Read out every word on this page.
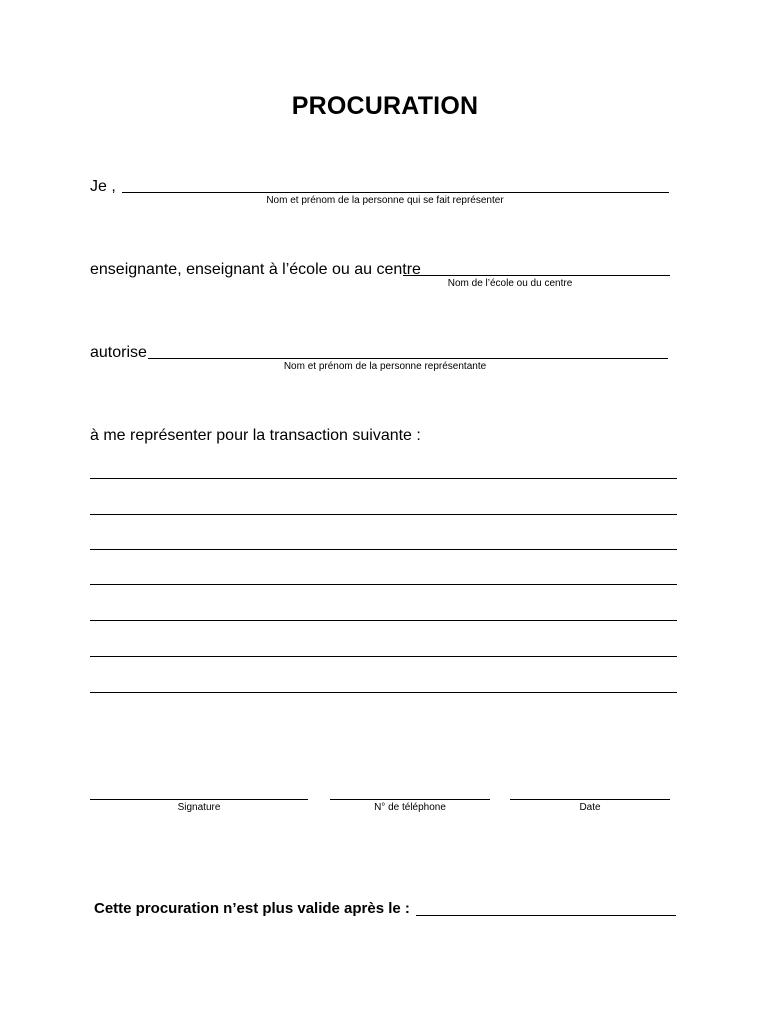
PROCURATION
Je ,
Nom et prénom de la personne qui se fait représenter
enseignante, enseignant à l’école ou au centre
Nom de l’école ou du centre
autorise
Nom et prénom de la personne représentante
à me représenter pour la transaction suivante :
Signature	N° de téléphone	Date
Cette procuration n’est plus valide après le :
